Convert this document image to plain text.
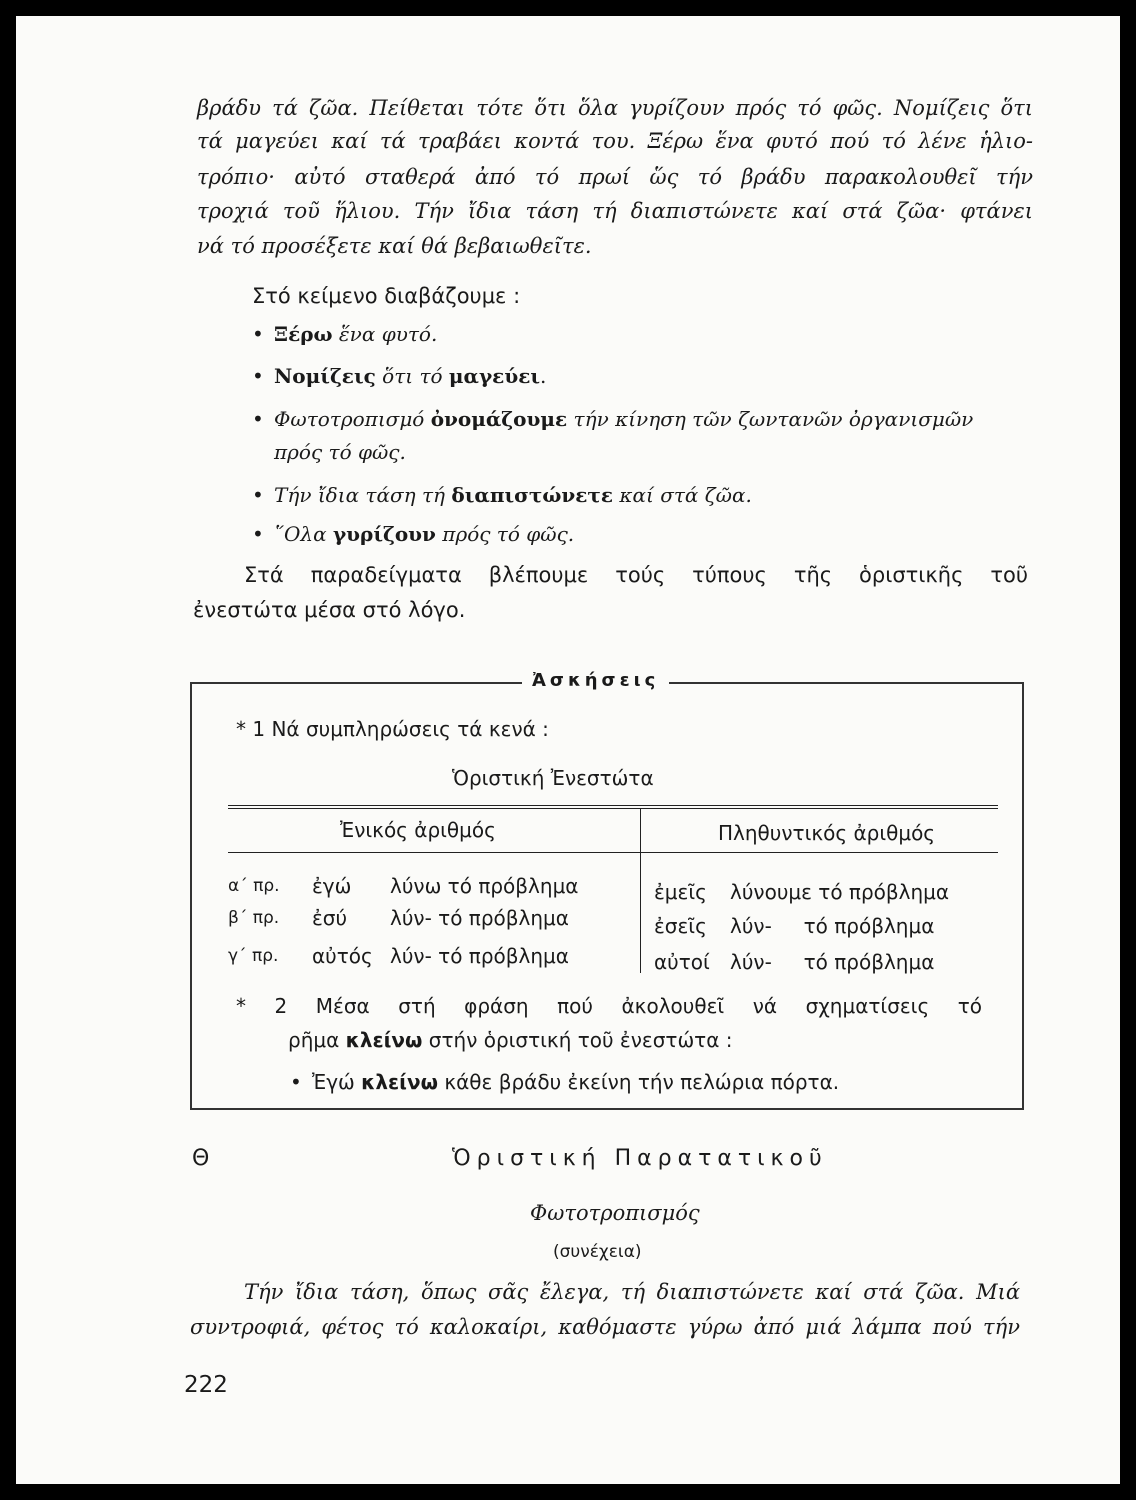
βράδυ τά ζῶα. Πείθεται τότε ὅτι ὅλα γυρίζουν πρός τό φῶς. Νομίζεις ὅτι
τά μαγεύει καί τά τραβάει κοντά του. Ξέρω ἕνα φυτό πού τό λένε ἡλιο-
τρόπιο· αὐτό σταθερά ἀπό τό πρωί ὥς τό βράδυ παρακολουθεῖ τήν
τροχιά τοῦ ἥλιου. Τήν ἴδια τάση τή διαπιστώνετε καί στά ζῶα· φτάνει
νά τό προσέξετε καί θά βεβαιωθεῖτε.
Στό κείμενο διαβάζουμε :
• Ξέρω ἕνα φυτό.
• Νομίζεις ὅτι τό μαγεύει.
• Φωτοτροπισμό ὀνομάζουμε τήν κίνηση τῶν ζωντανῶν ὀργανισμῶν
πρός τό φῶς.
• Τήν ἴδια τάση τή διαπιστώνετε καί στά ζῶα.
• ῞Ολα γυρίζουν πρός τό φῶς.
Στά παραδείγματα βλέπουμε τούς τύπους τῆς ὁριστικῆς τοῦ
ἐνεστώτα μέσα στό λόγο.
Ἀσκήσεις
* 1 Νά συμπληρώσεις τά κενά :
Ὁριστική Ἐνεστώτα
Ἐνικός ἀριθμός	Πληθυντικός ἀριθμός
α΄ πρ. ἐγώ λύνω τό πρόβλημα	ἐμεῖς λύνουμε τό πρόβλημα
β΄ πρ. ἐσύ λύν- τό πρόβλημα	ἐσεῖς λύν-     τό πρόβλημα
γ΄ πρ. αὐτός λύν- τό πρόβλημα	αὐτοί λύν-     τό πρόβλημα
* 2 Μέσα στή φράση πού ἀκολουθεῖ νά σχηματίσεις τό
ρῆμα κλείνω στήν ὁριστική τοῦ ἐνεστώτα :
• Ἐγώ κλείνω κάθε βράδυ ἐκείνη τήν πελώρια πόρτα.
Θ	Ὁριστική Παρατατικοῦ
Φωτοτροπισμός
(συνέχεια)
Τήν ἴδια τάση, ὅπως σᾶς ἔλεγα, τή διαπιστώνετε καί στά ζῶα. Μιά
συντροφιά, φέτος τό καλοκαίρι, καθόμαστε γύρω ἀπό μιά λάμπα πού τήν
222
